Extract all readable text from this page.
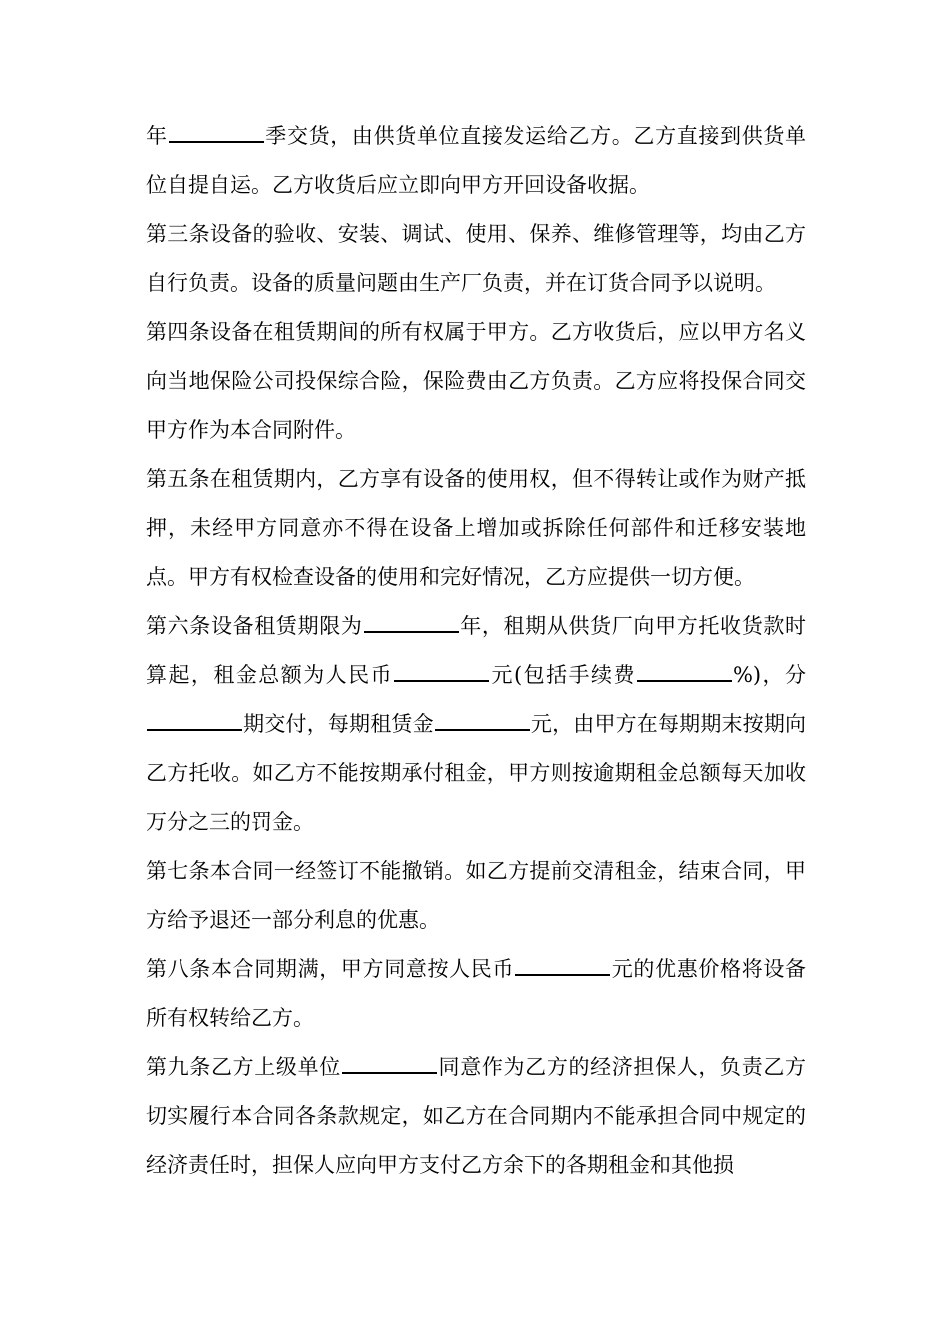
年	季交货，由供货单位直接发运给乙方。乙方直接到供货单位自提自运。乙方收货后应立即向甲方开回设备收据。

第三条设备的验收、安装、调试、使用、保养、维修管理等，均由乙方自行负责。设备的质量问题由生产厂负责，并在订货合同予以说明。

第四条设备在租赁期间的所有权属于甲方。乙方收货后，应以甲方名义向当地保险公司投保综合险，保险费由乙方负责。乙方应将投保合同交甲方作为本合同附件。

第五条在租赁期内，乙方享有设备的使用权，但不得转让或作为财产抵押，未经甲方同意亦不得在设备上增加或拆除任何部件和迁移安装地点。甲方有权检查设备的使用和完好情况，乙方应提供一切方便。

第六条设备租赁期限为	年，租期从供货厂向甲方托收货款时算起，租金总额为人民币	元(包括手续费	%)，分期交付，每期租赁金	元，由甲方在每期期末按期向乙方托收。如乙方不能按期承付租金，甲方则按逾期租金总额每天加收万分之三的罚金。

第七条本合同一经签订不能撤销。如乙方提前交清租金，结束合同，甲方给予退还一部分利息的优惠。

第八条本合同期满，甲方同意按人民币	元的优惠价格将设备所有权转给乙方。

第九条乙方上级单位	同意作为乙方的经济担保人，负责乙方切实履行本合同各条款规定，如乙方在合同期内不能承担合同中规定的经济责任时，担保人应向甲方支付乙方余下的各期租金和其他损
